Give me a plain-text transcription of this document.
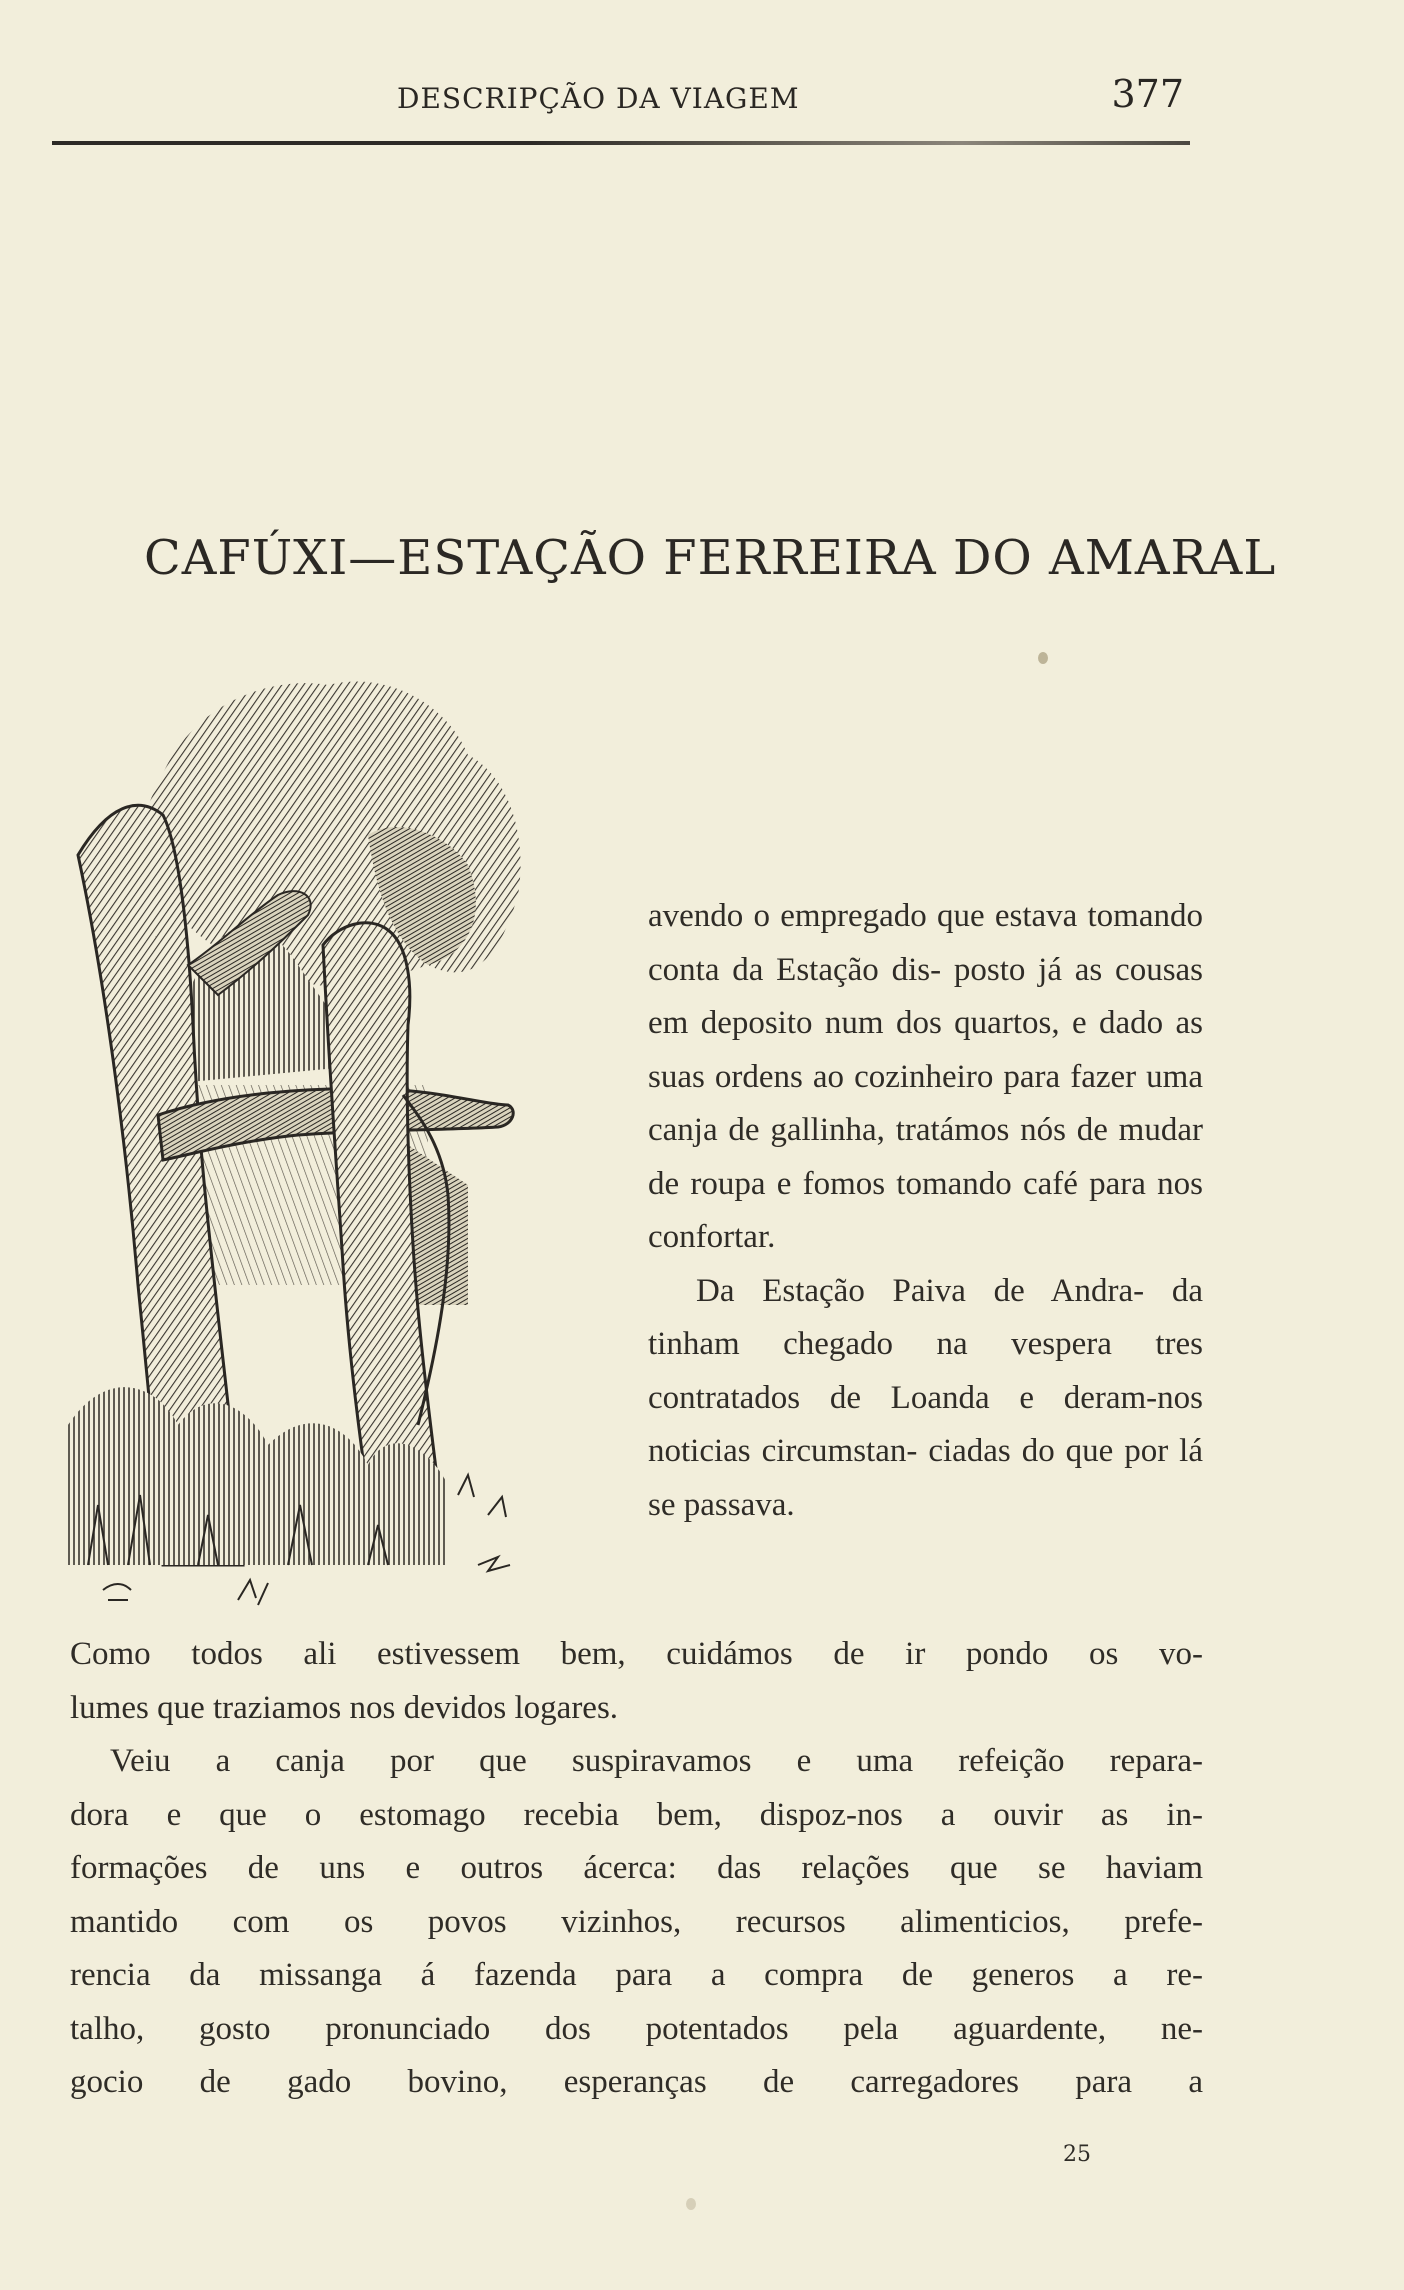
DESCRIPÇÃO DA VIAGEM	377
CAFÚXI—ESTAÇÃO FERREIRA DO AMARAL

avendo o empregado que estava tomando conta da Estação dis- posto já as cousas em deposito num dos quartos, e dado as suas ordens ao cozinheiro para fazer uma canja de gallinha, tratámos nós de mudar de roupa e fomos tomando café para nos confortar.

Da Estação Paiva de Andra- da tinham chegado na vespera tres contratados de Loanda e deram-nos noticias circumstan- ciadas do que por lá se passava.

Como todos ali estivessem bem, cuidámos de ir pondo os vo-
lumes que traziamos nos devidos logares.

Veiu a canja por que suspiravamos e uma refeição repara-
dora e que o estomago recebia bem, dispoz-nos a ouvir as in-
formações de uns e outros ácerca: das relações que se haviam
mantido com os povos vizinhos, recursos alimenticios, prefe-
rencia da missanga á fazenda para a compra de generos a re-
talho, gosto pronunciado dos potentados pela aguardente, ne-
gocio de gado bovino, esperanças de carregadores para a

25
